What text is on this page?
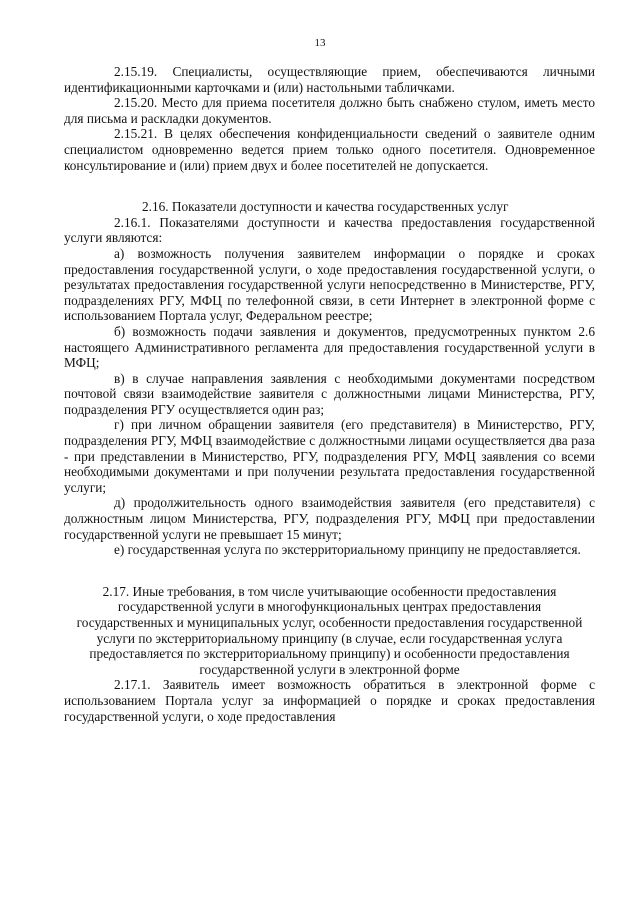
13

2.15.19. Специалисты, осуществляющие прием, обеспечиваются личными идентификационными карточками и (или) настольными табличками.

2.15.20. Место для приема посетителя должно быть снабжено стулом, иметь место для письма и раскладки документов.

2.15.21. В целях обеспечения конфиденциальности сведений о заявителе одним специалистом одновременно ведется прием только одного посетителя. Одновременное консультирование и (или) прием двух и более посетителей не допускается.

2.16. Показатели доступности и качества государственных услуг

2.16.1. Показателями доступности и качества предоставления государственной услуги являются:

а) возможность получения заявителем информации о порядке и сроках предоставления государственной услуги, о ходе предоставления государственной услуги, о результатах предоставления государственной услуги непосредственно в Министерстве, РГУ, подразделениях РГУ, МФЦ по телефонной связи, в сети Интернет в электронной форме с использованием Портала услуг, Федеральном реестре;

б) возможность подачи заявления и документов, предусмотренных пунктом 2.6 настоящего Административного регламента для предоставления государственной услуги в МФЦ;

в) в случае направления заявления с необходимыми документами посредством почтовой связи взаимодействие заявителя с должностными лицами Министерства, РГУ, подразделения РГУ осуществляется один раз;

г) при личном обращении заявителя (его представителя) в Министерство, РГУ, подразделения РГУ, МФЦ взаимодействие с должностными лицами осуществляется два раза - при представлении в Министерство, РГУ, подразделения РГУ, МФЦ заявления со всеми необходимыми документами и при получении результата предоставления государственной услуги;

д) продолжительность одного взаимодействия заявителя (его представителя) с должностным лицом Министерства, РГУ, подразделения РГУ, МФЦ при предоставлении государственной услуги не превышает 15 минут;

е) государственная услуга по экстерриториальному принципу не предоставляется.

2.17. Иные требования, в том числе учитывающие особенности предоставления государственной услуги в многофункциональных центрах предоставления государственных и муниципальных услуг, особенности предоставления государственной услуги по экстерриториальному принципу (в случае, если государственная услуга предоставляется по экстерриториальному принципу) и особенности предоставления государственной услуги в электронной форме

2.17.1. Заявитель имеет возможность обратиться в электронной форме с использованием Портала услуг за информацией о порядке и сроках предоставления государственной услуги, о ходе предоставления
